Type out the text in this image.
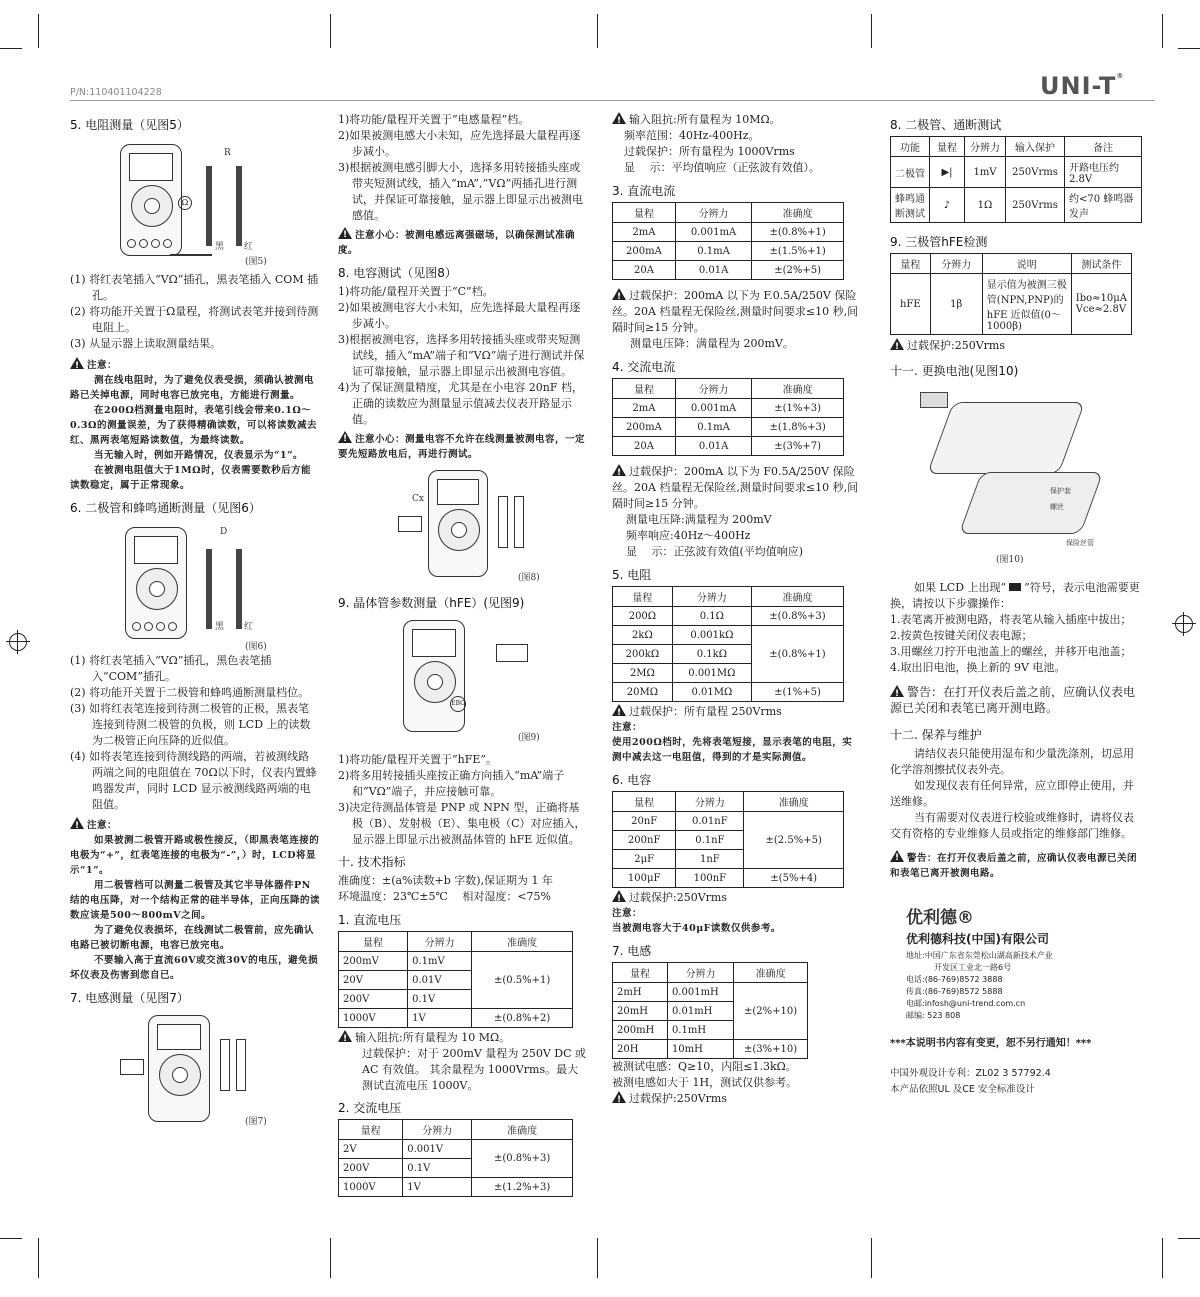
P/N:110401104228	UNI-T®
5. 电阻测量（见图5）
Ω
R
黑 红
(图5)

(1) 将红表笔插入“VΩ”插孔，黑表笔插入 COM 插孔。

(2) 将功能开关置于Ω量程，将测试表笔并接到待测电阻上。

(3) 从显示器上读取测量结果。

!注意：

测在线电阻时，为了避免仪表受损，须确认被测电路已关掉电源，同时电容已放完电，方能进行测量。

在200Ω档测量电阻时，表笔引线会带来0.1Ω～0.3Ω的测量误差，为了获得精确读数，可以将读数减去红、黑两表笔短路读数值，为最终读数。

当无输入时，例如开路情况，仪表显示为“1”。

在被测电阻值大于1MΩ时，仪表需要数秒后方能读数稳定，属于正常现象。

6. 二极管和蜂鸣通断测量（见图6）
D
黑 红
(图6)

(1) 将红表笔插入“VΩ”插孔，黑色表笔插入“COM”插孔。

(2) 将功能开关置于二极管和蜂鸣通断测量档位。

(3) 如将红表笔连接到待测二极管的正极，黑表笔连接到待测二极管的负极，则 LCD 上的读数为二极管正向压降的近似值。

(4) 如将表笔连接到待测线路的两端，若被测线路两端之间的电阻值在 70Ω以下时，仪表内置蜂鸣器发声，同时 LCD 显示被测线路两端的电阻值。

!注意：

如果被测二极管开路或极性接反，（即黑表笔连接的电极为“+”，红表笔连接的电极为“-”，）时，LCD将显示“1”。

用二极管档可以测量二极管及其它半导体器件PN结的电压降，对一个结构正常的硅半导体，正向压降的读数应该是500～800mV之间。

为了避免仪表损坏，在线测试二极管前，应先确认电路已被切断电源，电容已放完电。

不要输入高于直流60V或交流30V的电压，避免损坏仪表及伤害到您自已。

7. 电感测量（见图7）
(图7)

1)将功能/量程开关置于“电感量程”档。

2)如果被测电感大小未知，应先选择最大量程再逐步减小。

3)根据被测电感引脚大小，选择多用转接插头座或带夹短测试线，插入“mA”,“VΩ”两插孔进行测试，并保证可靠接触，显示器上即显示出被测电感值。

!注意小心：被测电感远离强磁场，以确保测试准确度。

8. 电容测试（见图8）

1)将功能/量程开关置于“C”档。

2)如果被测电容大小未知，应先选择最大量程再逐步减小。

3)根据被测电容，选择多用转接插头座或带夹短测试线，插入“mA”端子和“VΩ”端子进行测试并保证可靠接触，显示器上即显示出被测电容值。

4)为了保证测量精度，尤其是在小电容 20nF 档，正确的读数应为测量显示值减去仪表开路显示值。

!注意小心：测量电容不允许在线测量被测电容，一定要先短路放电后，再进行测试。

Cx
(图8)
9. 晶体管参数测量（hFE）(见图9)
EBC
(图9)

1)将功能/量程开关置于“hFE”。

2)将多用转接插头座按正确方向插入“mA”端子和“VΩ”端子，并应接触可靠。

3)决定待测晶体管是 PNP 或 NPN 型，正确将基极（B）、发射极（E）、集电极（C）对应插入，显示器上即显示出被测晶体管的 hFE 近似值。

十. 技术指标

准确度：±(a%读数+b 字数),保证期为 1 年

环境温度：23℃±5℃　 相对湿度：<75%

1. 直流电压
量程	分辨力	准确度
200mV	0.1mV	±(0.5%+1)
20V	0.01V	
200V	0.1V	
1000V	1V	±(0.8%+2)

!输入阻抗:所有量程为 10 MΩ。

过载保护：对于 200mV 量程为 250V DC 或 AC 有效值。 其余量程为 1000Vrms。最大测试直流电压 1000V。

2. 交流电压
量程	分辨力	准确度
2V	0.001V	±(0.8%+3)
200V	0.1V	
1000V	1V	±(1.2%+3)

!输入阻抗:所有量程为 10MΩ。

频率范围：40Hz-400Hz。

过载保护：所有量程为 1000Vrms

显　 示：平均值响应（正弦波有效值）。

3. 直流电流
量程	分辨力	准确度
2mA	0.001mA	±(0.8%+1)
200mA	0.1mA	±(1.5%+1)
20A	0.01A	±(2%+5)

!过载保护：200mA 以下为 F.0.5A/250V 保险丝。20A 档量程无保险丝,测量时间要求≤10 秒,间隔时间≥15 分钟。

测量电压降：满量程为 200mV。

4. 交流电流
量程	分辨力	准确度
2mA	0.001mA	±(1%+3)
200mA	0.1mA	±(1.8%+3)
20A	0.01A	±(3%+7)

!过载保护：200mA 以下为 F0.5A/250V 保险丝。20A 档量程无保险丝,测量时间要求≤10 秒,间隔时间≥15 分钟。

测量电压降:满量程为 200mV

频率响应:40Hz～400Hz

显　 示：正弦波有效值(平均值响应)

5. 电阻
量程	分辨力	准确度
200Ω	0.1Ω	±(0.8%+3)
2kΩ	0.001kΩ	±(0.8%+1)
200kΩ	0.1kΩ	
2MΩ	0.001MΩ	
20MΩ	0.01MΩ	±(1%+5)

!过载保护：所有量程 250Vrms

注意：

使用200Ω档时，先将表笔短接，显示表笔的电阻，实测中减去这一电阻值，得到的才是实际测值。

6. 电容
量程	分辨力	准确度
20nF	0.01nF	±(2.5%+5)
200nF	0.1nF	
2μF	1nF	
100μF	100nF	±(5%+4)

!过载保护:250Vrms

注意：

当被测电容大于40μF读数仅供参考。

7. 电感
量程	分辨力	准确度
2mH	0.001mH	±(2%+10)
20mH	0.01mH	
200mH	0.1mH	
20H	10mH	±(3%+10)

被测试电感：Q≥10，内阻≤1.3kΩ。

被测电感如大于 1H，测试仅供参考。

!过载保护:250Vrms

8. 二极管、通断测试
功能	量程	分辨力	输入保护	备注
二极管	▶|	1mV	250Vrms	开路电压约 2.8V
蜂鸣通断测试	♪	1Ω	250Vrms	约<70 蜂鸣器发声
9. 三极管hFE检测
量程	分辨力	说明	测试条件
hFE	1β	显示值为被测三极管(NPN,PNP)的 hFE 近似值(0～1000β)	Ibo≈10μA Vce≈2.8V

!过载保护:250Vrms

十一. 更换电池(见图10)
保护套
螺丝
保险丝管
(图10)

如果 LCD 上出现“ ”符号，表示电池需要更换，请按以下步骤操作：

1.表笔离开被测电路，将表笔从输入插座中拔出；

2.按黄色按键关闭仪表电源；

3.用螺丝刀拧开电池盖上的螺丝，并移开电池盖；

4.取出旧电池，换上新的 9V 电池。

!警告：在打开仪表后盖之前，应确认仪表电源已关闭和表笔已离开测电路。

十二. 保养与维护

请结仪表只能使用湿布和少量洗涤剂，切忌用化学溶剂擦拭仪表外壳。

如发现仪表有任何异常，应立即停止使用，并送维修。

当有需要对仪表进行校验或维修时，请将仪表交有资格的专业维修人员或指定的维修部门维修。

!警告：在打开仪表后盖之前，应确认仪表电源已关闭和表笔已离开被测电路。

优利德®
优利德科技(中国)有限公司
地址:中国广东省东莞松山湖高新技术产业
开发区工业北一路6号
电话:(86-769)8572 3888
传真:(86-769)8572 5888
电邮:infosh@uni-trend.com.cn
邮编: 523 808
***本说明书内容有变更，恕不另行通知！***
中国外观设计专利：ZL02 3 57792.4
本产品依照UL 及CE 安全标准设计
